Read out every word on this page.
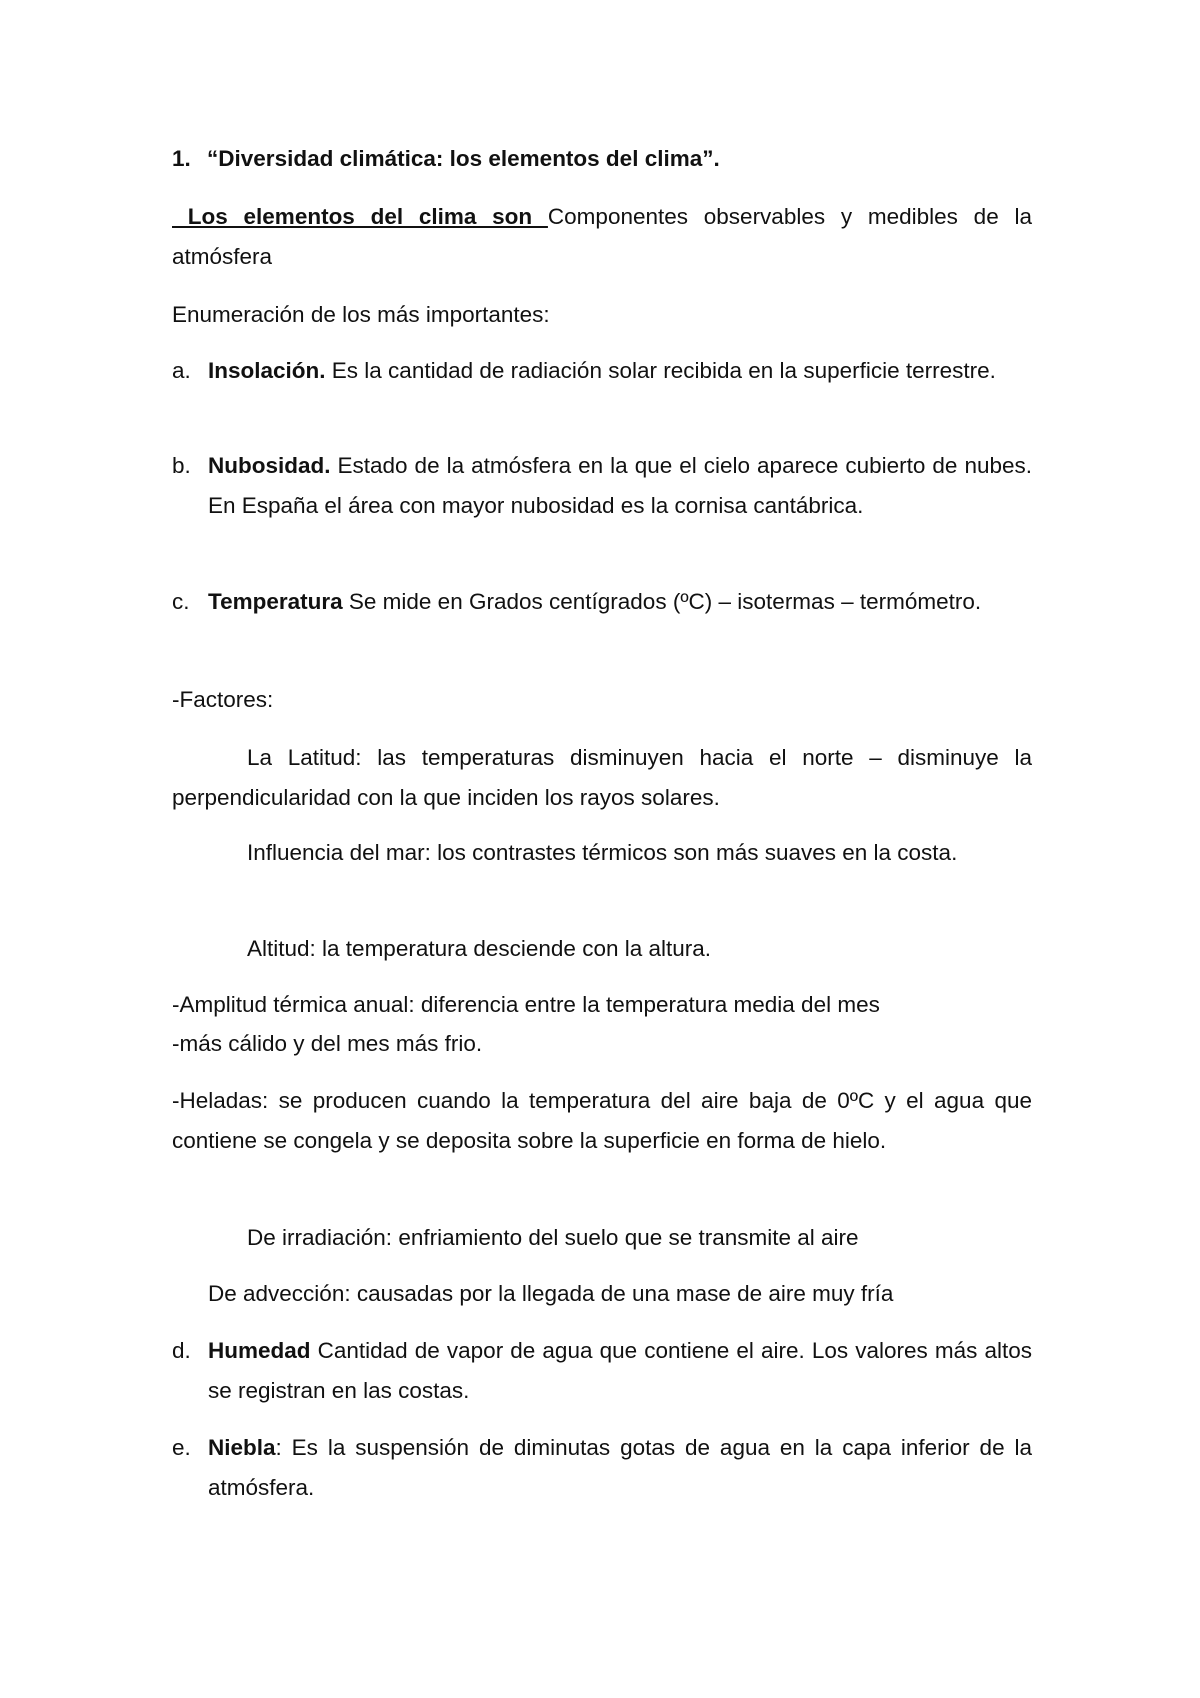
1. “Diversidad climática: los elementos del clima”.

Los elementos del clima son Componentes observables y medibles de la atmósfera

Enumeración de los más importantes:

a. Insolación. Es la cantidad de radiación solar recibida en la superficie terrestre.

b. Nubosidad. Estado de la atmósfera en la que el cielo aparece cubierto de nubes. En España el área con mayor nubosidad es la cornisa cantábrica.

c. Temperatura Se mide en Grados centígrados (ºC) – isotermas – termómetro.

-Factores:

La Latitud: las temperaturas disminuyen hacia el norte – disminuye la perpendicularidad con la que inciden los rayos solares.

Influencia del mar: los contrastes térmicos son más suaves en la costa.

Altitud: la temperatura desciende con la altura.

-Amplitud térmica anual: diferencia entre la temperatura media del mes

-más cálido y del mes más frio.

-Heladas: se producen cuando la temperatura del aire baja de 0ºC y el agua que contiene se congela y se deposita sobre la superficie en forma de hielo.

De irradiación: enfriamiento del suelo que se transmite al aire

De advección: causadas por la llegada de una mase de aire muy fría

d. Humedad Cantidad de vapor de agua que contiene el aire. Los valores más altos se registran en las costas.

e. Niebla: Es la suspensión de diminutas gotas de agua en la capa inferior de la atmósfera.
